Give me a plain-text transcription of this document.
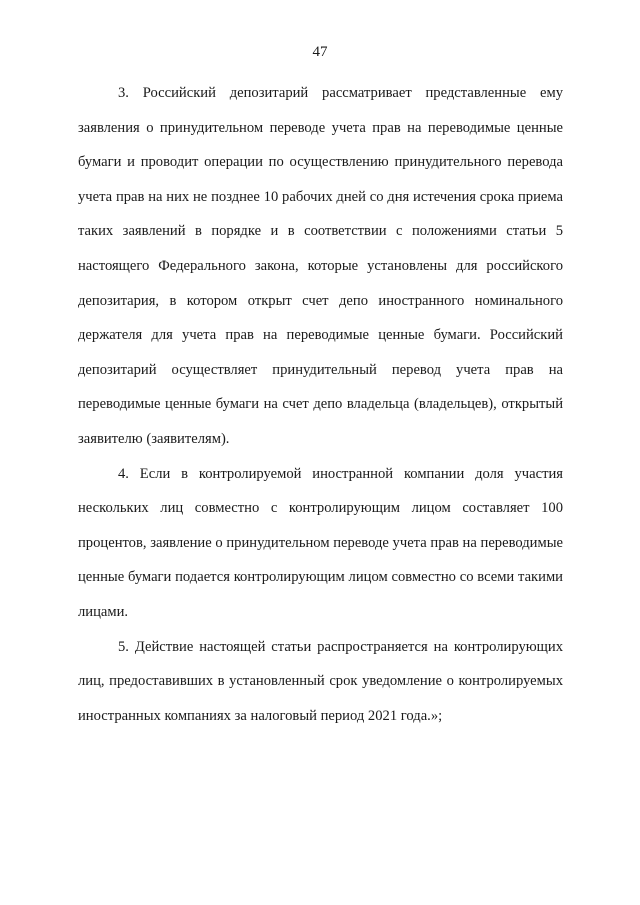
47

3. Российский депозитарий рассматривает представленные ему заявления о принудительном переводе учета прав на переводимые ценные бумаги и проводит операции по осуществлению принудительного перевода учета прав на них не позднее 10 рабочих дней со дня истечения срока приема таких заявлений в порядке и в соответствии с положениями статьи 5 настоящего Федерального закона, которые установлены для российского депозитария, в котором открыт счет депо иностранного номинального держателя для учета прав на переводимые ценные бумаги. Российский депозитарий осуществляет принудительный перевод учета прав на переводимые ценные бумаги на счет депо владельца (владельцев), открытый заявителю (заявителям).

4. Если в контролируемой иностранной компании доля участия нескольких лиц совместно с контролирующим лицом составляет 100 процентов, заявление о принудительном переводе учета прав на переводимые ценные бумаги подается контролирующим лицом совместно со всеми такими лицами.

5. Действие настоящей статьи распространяется на контролирующих лиц, предоставивших в установленный срок уведомление о контролируемых иностранных компаниях за налоговый период 2021 года.»;
